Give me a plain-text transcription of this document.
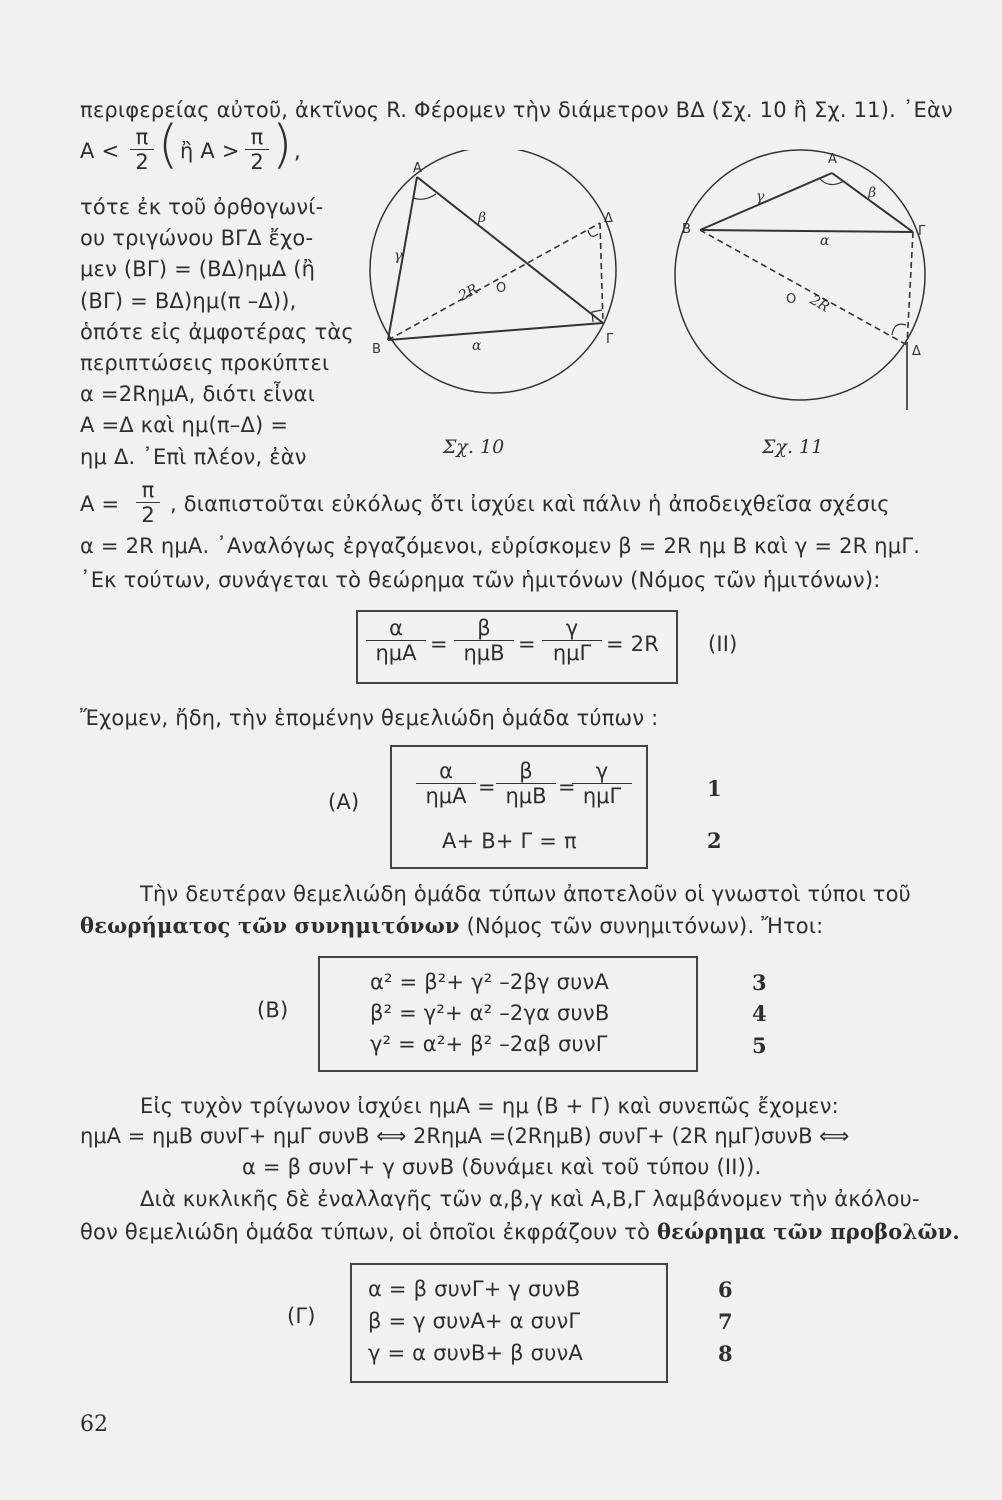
περιφερείας αὐτοῦ, ἀκτῖνος R. Φέρομεν τὴν διάμετρον ΒΔ (Σχ. 10 ἢ Σχ. 11). ᾿Εὰν
$A < \frac{\pi}{2}$ ( ἢ $A > \frac{\pi}{2}$ ) ,
τότε ἐκ τοῦ ὀρθογωνί-
ου τριγώνου ΒΓΔ ἔχο-
μεν (ΒΓ) = (ΒΔ)ημΔ (ἢ
(ΒΓ) = ΒΔ)ημ(π –Δ)),
ὁπότε εἰς ἀμφοτέρας τὰς
περιπτώσεις προκύπτει
α =2RημΑ, διότι εἶναι
Α =Δ καὶ ημ(π–Δ) =
ημ Δ. ᾿Επὶ πλέον, ἐὰν
Α
Β
Γ
Δ
Ο
α
β
γ
2R
Σχ. 10
Α
Β	Γ
Δ
Ο
α
β
γ
2R
Σχ. 11
$A = \frac{\pi}{2}$ , διαπιστοῦται εὐκόλως ὅτι ἰσχύει καὶ πάλιν ἡ ἀποδειχθεῖσα σχέσις
α = 2R ημΑ. ᾿Αναλόγως ἐργαζόμενοι, εὑρίσκομεν β = 2R ημ Β καὶ γ = 2R ημΓ.
᾿Εκ τούτων, συνάγεται τὸ θεώρημα τῶν ἡμιτόνων (Νόμος τῶν ἡμιτόνων):
α
ημΑ =
β
ημΒ =
γ
ημΓ = 2R (ΙΙ)
Ἔχομεν, ἤδη, τὴν ἑπομένην θεμελιώδη ὁμάδα τύπων :
(Α)
α
ημΑ =
β
ημΒ =
γ
ημΓ
Α+ Β+ Γ = π
1
2
Τὴν δευτέραν θεμελιώδη ὁμάδα τύπων ἀποτελοῦν οἱ γνωστοὶ τύποι τοῦ
θεωρήματος τῶν συνημιτόνων (Νόμος τῶν συνημιτόνων). Ἤτοι:
(Β)
α² = β²+ γ² –2βγ συνΑ
β² = γ²+ α² –2γα συνΒ
γ² = α²+ β² –2αβ συνΓ
3
4
5
Εἰς τυχὸν τρίγωνον ἰσχύει ημΑ = ημ (Β + Γ) καὶ συνεπῶς ἔχομεν:
ημΑ = ημΒ συνΓ+ ημΓ συνΒ ⟺ 2RημΑ =(2RημΒ) συνΓ+ (2R ημΓ)συνΒ ⟺
α = β συνΓ+ γ συνΒ (δυνάμει καὶ τοῦ τύπου (ΙΙ)).
Διὰ κυκλικῆς δὲ ἐναλλαγῆς τῶν α,β,γ καὶ Α,Β,Γ λαμβάνομεν τὴν ἀκόλου-
θον θεμελιώδη ὁμάδα τύπων, οἱ ὁποῖοι ἐκφράζουν τὸ θεώρημα τῶν προβολῶν.
(Γ)
α = β συνΓ+ γ συνΒ
β = γ συνΑ+ α συνΓ
γ = α συνΒ+ β συνΑ
6
7
8
62
